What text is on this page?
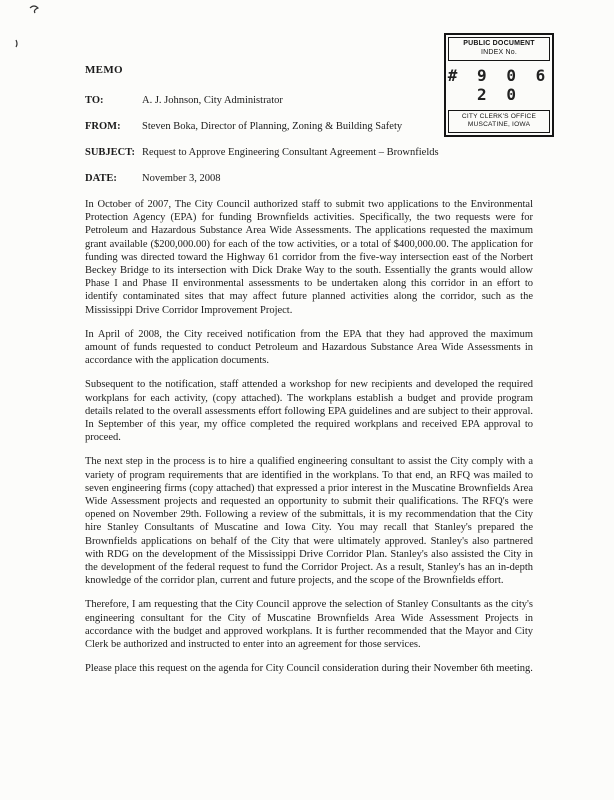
PUBLIC DOCUMENT
INDEX No.
# 9 0 6 2 0
CITY CLERK'S OFFICE
MUSCATINE, IOWA
MEMO
TO:	A. J. Johnson, City Administrator
FROM:	Steven Boka, Director of Planning, Zoning & Building Safety
SUBJECT: Request to Approve Engineering Consultant Agreement – Brownfields
DATE:	November 3, 2008

In October of 2007, The City Council authorized staff to submit two applications to the Environmental Protection Agency (EPA) for funding Brownfields activities. Specifically, the two requests were for Petroleum and Hazardous Substance Area Wide Assessments. The applications requested the maximum grant available ($200,000.00) for each of the tow activities, or a total of $400,000.00. The application for funding was directed toward the Highway 61 corridor from the five-way intersection east of the Norbert Beckey Bridge to its intersection with Dick Drake Way to the south. Essentially the grants would allow Phase I and Phase II environmental assessments to be undertaken along this corridor in an effort to identify contaminated sites that may affect future planned activities along the corridor, such as the Mississippi Drive Corridor Improvement Project.

In April of 2008, the City received notification from the EPA that they had approved the maximum amount of funds requested to conduct Petroleum and Hazardous Substance Area Wide Assessments in accordance with the application documents.

Subsequent to the notification, staff attended a workshop for new recipients and developed the required workplans for each activity, (copy attached). The workplans establish a budget and provide program details related to the overall assessments effort following EPA guidelines and are subject to their approval. In September of this year, my office completed the required workplans and received EPA approval to proceed.

The next step in the process is to hire a qualified engineering consultant to assist the City comply with a variety of program requirements that are identified in the workplans. To that end, an RFQ was mailed to seven engineering firms (copy attached) that expressed a prior interest in the Muscatine Brownfields Area Wide Assessment projects and requested an opportunity to submit their qualifications. The RFQ's were opened on November 29th. Following a review of the submittals, it is my recommendation that the City hire Stanley Consultants of Muscatine and Iowa City. You may recall that Stanley's prepared the Brownfields applications on behalf of the City that were ultimately approved. Stanley's also partnered with RDG on the development of the Mississippi Drive Corridor Plan. Stanley's also assisted the City in the development of the federal request to fund the Corridor Project. As a result, Stanley's has an in-depth knowledge of the corridor plan, current and future projects, and the scope of the Brownfields effort.

Therefore, I am requesting that the City Council approve the selection of Stanley Consultants as the city's engineering consultant for the City of Muscatine Brownfields Area Wide Assessment Projects in accordance with the budget and approved workplans. It is further recommended that the Mayor and City Clerk be authorized and instructed to enter into an agreement for those services.

Please place this request on the agenda for City Council consideration during their November 6th meeting.
